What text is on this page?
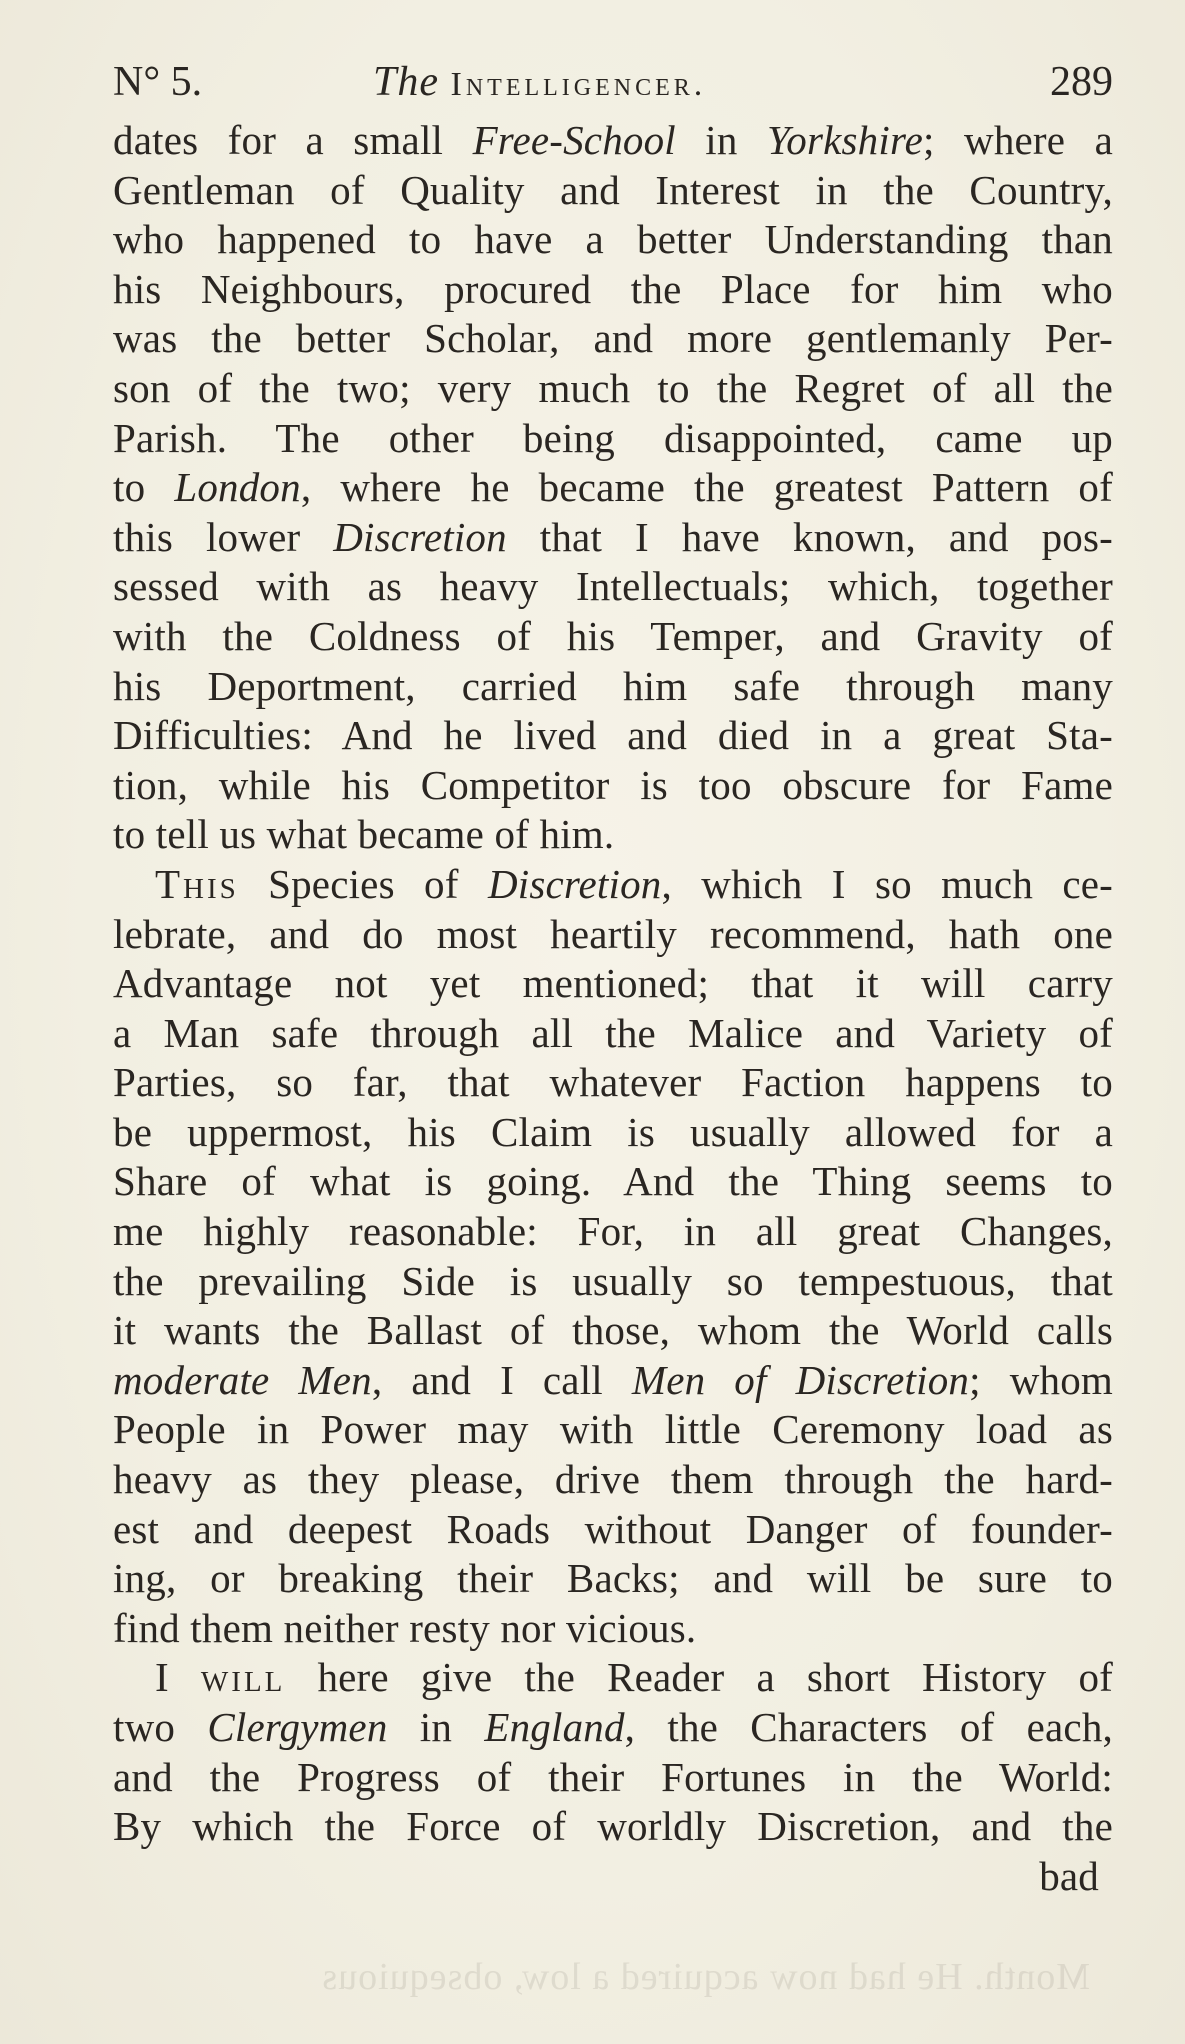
N° 5.	The Intelligencer.	289
dates for a small Free-School in Yorkshire; where a
Gentleman of Quality and Interest in the Country,
who happened to have a better Understanding than
his Neighbours, procured the Place for him who
was the better Scholar, and more gentlemanly Per-
son of the two; very much to the Regret of all the
Parish. The other being disappointed, came up
to London, where he became the greatest Pattern of
this lower Discretion that I have known, and pos-
sessed with as heavy Intellectuals; which, together
with the Coldness of his Temper, and Gravity of
his Deportment, carried him safe through many
Difficulties: And he lived and died in a great Sta-
tion, while his Competitor is too obscure for Fame
to tell us what became of him.
This Species of Discretion, which I so much ce-
lebrate, and do most heartily recommend, hath one
Advantage not yet mentioned; that it will carry
a Man safe through all the Malice and Variety of
Parties, so far, that whatever Faction happens to
be uppermost, his Claim is usually allowed for a
Share of what is going. And the Thing seems to
me highly reasonable: For, in all great Changes,
the prevailing Side is usually so tempestuous, that
it wants the Ballast of those, whom the World calls
moderate Men, and I call Men of Discretion; whom
People in Power may with little Ceremony load as
heavy as they please, drive them through the hard-
est and deepest Roads without Danger of founder-
ing, or breaking their Backs; and will be sure to
find them neither resty nor vicious.
I will here give the Reader a short History of
two Clergymen in England, the Characters of each,
and the Progress of their Fortunes in the World:
By which the Force of worldly Discretion, and the
bad
Month. He had now acquired a low, obsequious
